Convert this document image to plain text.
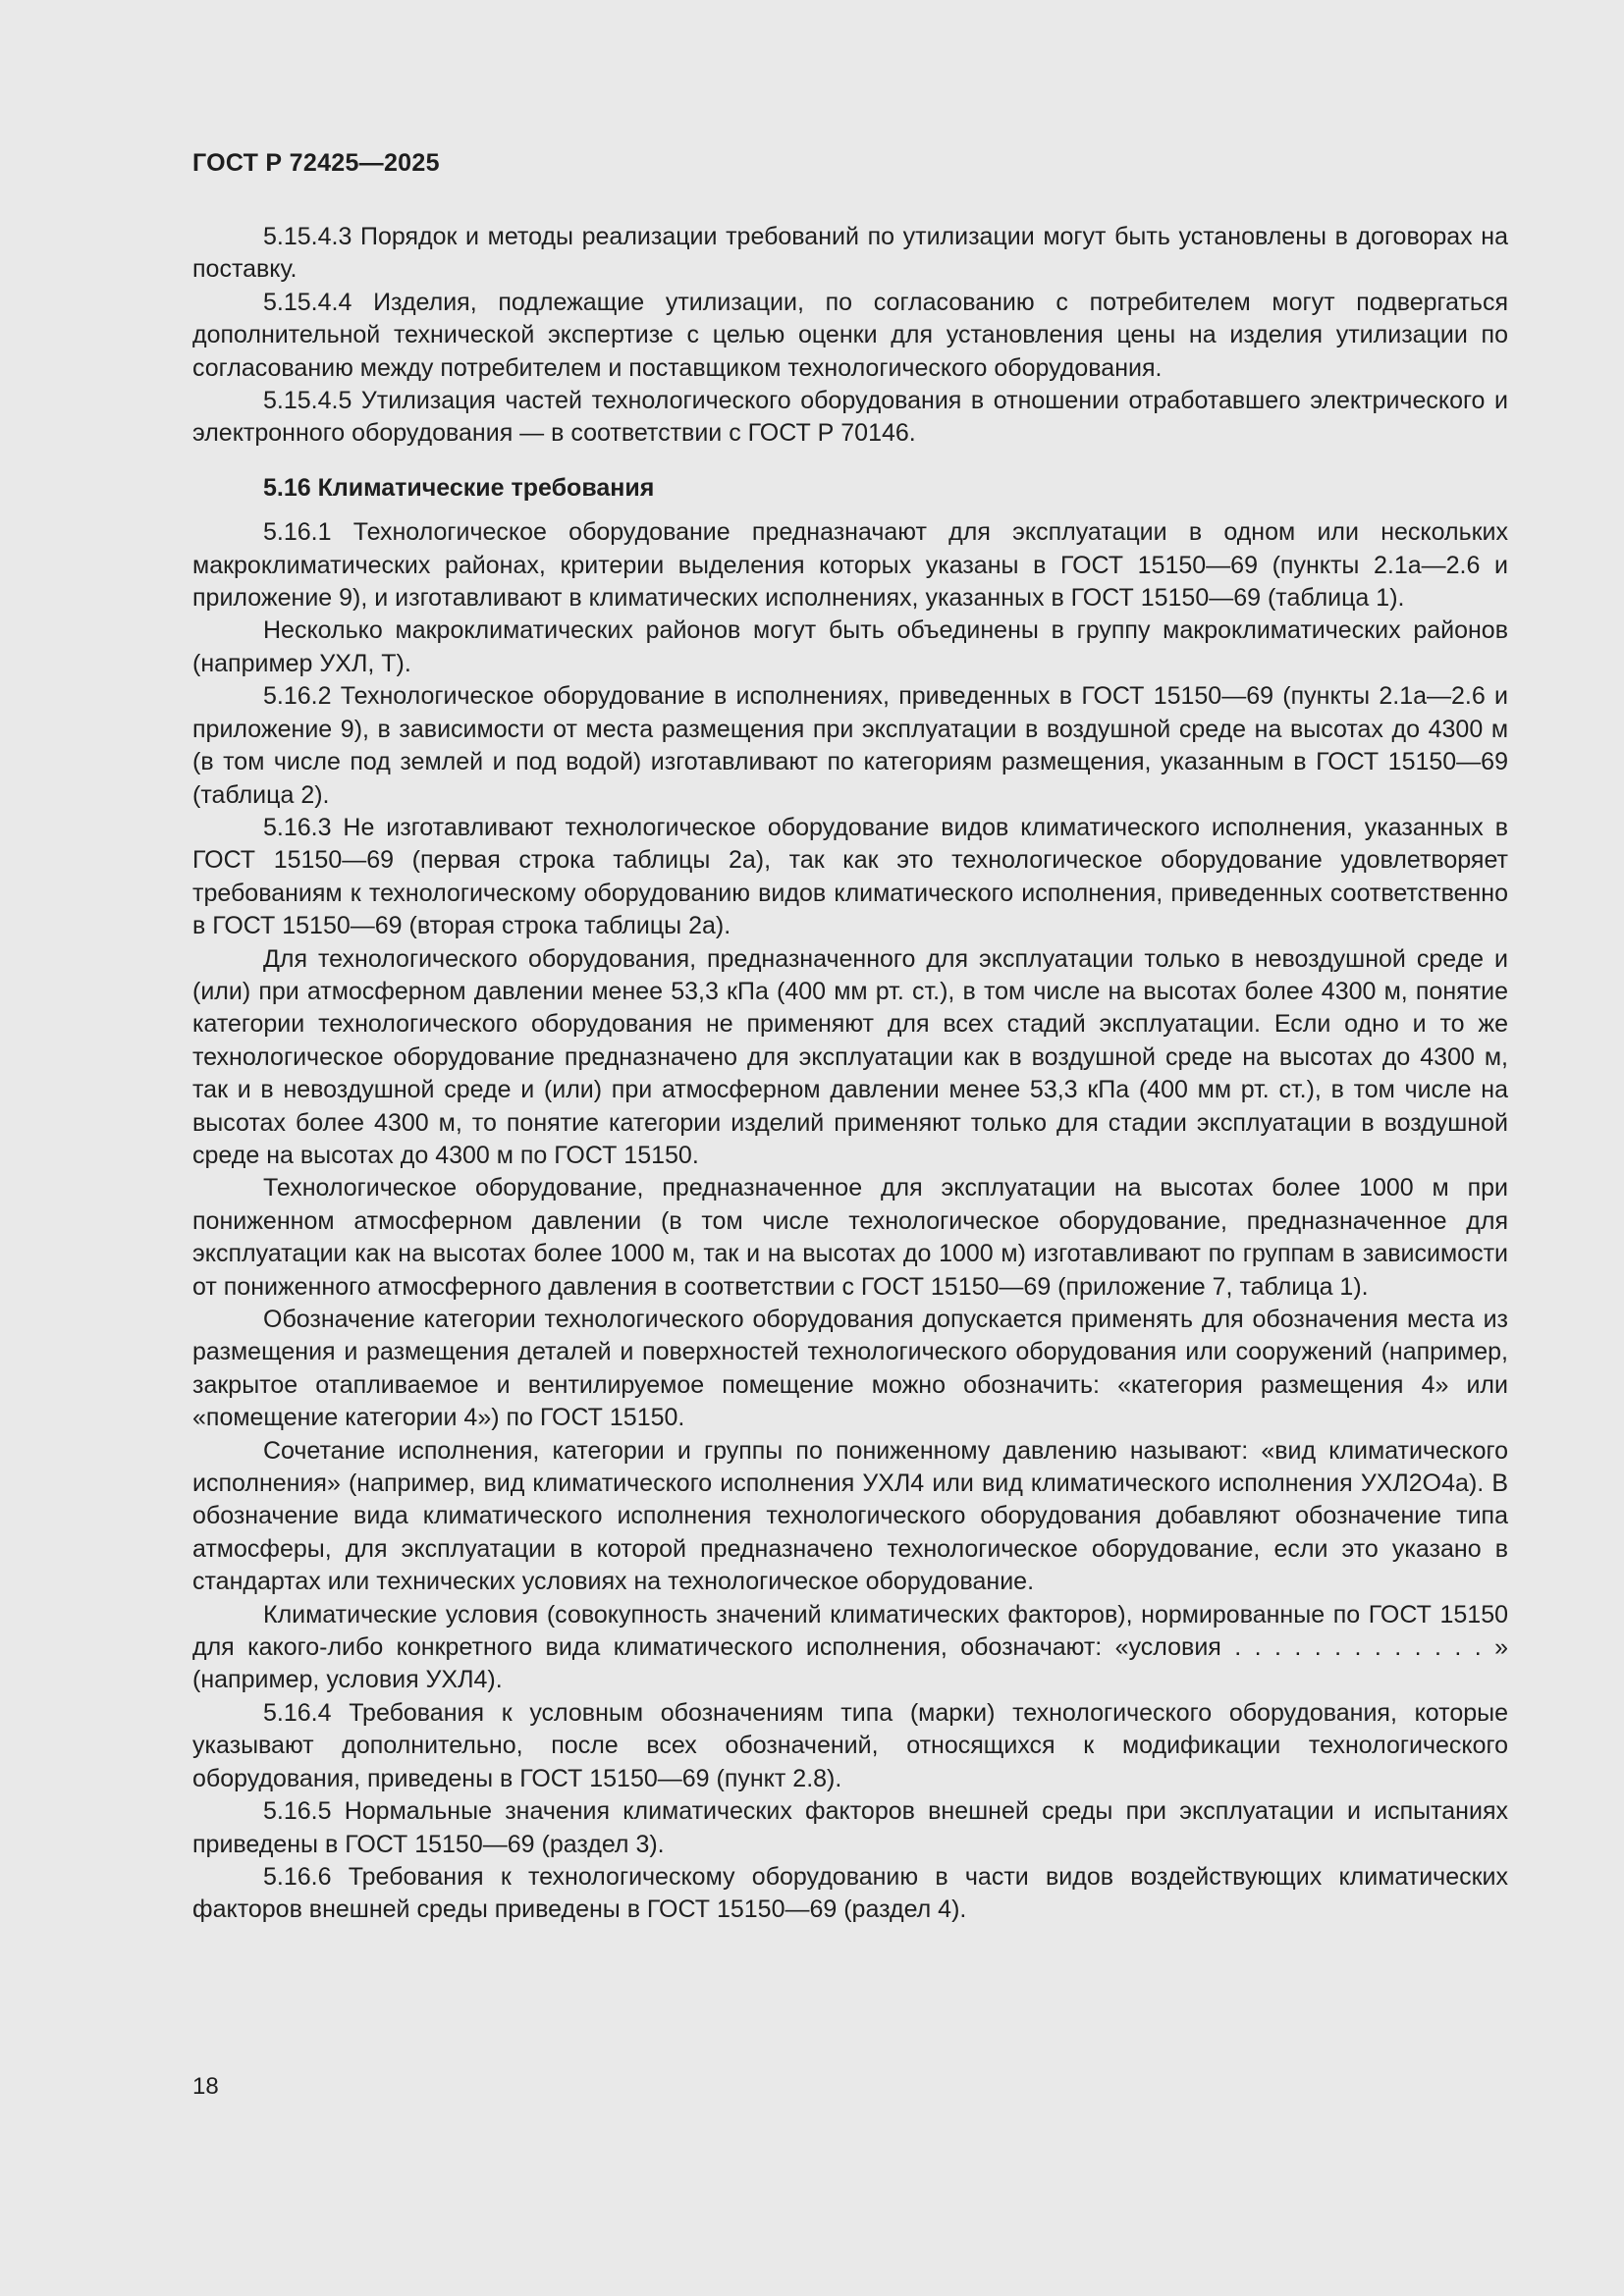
ГОСТ Р 72425—2025

5.15.4.3 Порядок и методы реализации требований по утилизации могут быть установлены в договорах на поставку.

5.15.4.4 Изделия, подлежащие утилизации, по согласованию с потребителем могут подвергаться дополнительной технической экспертизе с целью оценки для установления цены на изделия утилизации по согласованию между потребителем и поставщиком технологического оборудования.

5.15.4.5 Утилизация частей технологического оборудования в отношении отработавшего электрического и электронного оборудования — в соответствии с ГОСТ Р 70146.

5.16 Климатические требования

5.16.1 Технологическое оборудование предназначают для эксплуатации в одном или нескольких макроклиматических районах, критерии выделения которых указаны в ГОСТ 15150—69 (пункты 2.1а—2.6 и приложение 9), и изготавливают в климатических исполнениях, указанных в ГОСТ 15150—69 (таблица 1).

Несколько макроклиматических районов могут быть объединены в группу макроклиматических районов (например УХЛ, Т).

5.16.2 Технологическое оборудование в исполнениях, приведенных в ГОСТ 15150—69 (пункты 2.1а—2.6 и приложение 9), в зависимости от места размещения при эксплуатации в воздушной среде на высотах до 4300 м (в том числе под землей и под водой) изготавливают по категориям размещения, указанным в ГОСТ 15150—69 (таблица 2).

5.16.3 Не изготавливают технологическое оборудование видов климатического исполнения, указанных в ГОСТ 15150—69 (первая строка таблицы 2а), так как это технологическое оборудование удовлетворяет требованиям к технологическому оборудованию видов климатического исполнения, приведенных соответственно в ГОСТ 15150—69 (вторая строка таблицы 2а).

Для технологического оборудования, предназначенного для эксплуатации только в невоздушной среде и (или) при атмосферном давлении менее 53,3 кПа (400 мм рт. ст.), в том числе на высотах более 4300 м, понятие категории технологического оборудования не применяют для всех стадий эксплуатации. Если одно и то же технологическое оборудование предназначено для эксплуатации как в воздушной среде на высотах до 4300 м, так и в невоздушной среде и (или) при атмосферном давлении менее 53,3 кПа (400 мм рт. ст.), в том числе на высотах более 4300 м, то понятие категории изделий применяют только для стадии эксплуатации в воздушной среде на высотах до 4300 м по ГОСТ 15150.

Технологическое оборудование, предназначенное для эксплуатации на высотах более 1000 м при пониженном атмосферном давлении (в том числе технологическое оборудование, предназначенное для эксплуатации как на высотах более 1000 м, так и на высотах до 1000 м) изготавливают по группам в зависимости от пониженного атмосферного давления в соответствии с ГОСТ 15150—69 (приложение 7, таблица 1).

Обозначение категории технологического оборудования допускается применять для обозначения места из размещения и размещения деталей и поверхностей технологического оборудования или сооружений (например, закрытое отапливаемое и вентилируемое помещение можно обозначить: «категория размещения 4» или «помещение категории 4») по ГОСТ 15150.

Сочетание исполнения, категории и группы по пониженному давлению называют: «вид климатического исполнения» (например, вид климатического исполнения УХЛ4 или вид климатического исполнения УХЛ2О4а). В обозначение вида климатического исполнения технологического оборудования добавляют обозначение типа атмосферы, для эксплуатации в которой предназначено технологическое оборудование, если это указано в стандартах или технических условиях на технологическое оборудование.

Климатические условия (совокупность значений климатических факторов), нормированные по ГОСТ 15150 для какого-либо конкретного вида климатического исполнения, обозначают: «условия . . . . . . . . . . . . . » (например, условия УХЛ4).

5.16.4 Требования к условным обозначениям типа (марки) технологического оборудования, которые указывают дополнительно, после всех обозначений, относящихся к модификации технологического оборудования, приведены в ГОСТ 15150—69 (пункт 2.8).

5.16.5 Нормальные значения климатических факторов внешней среды при эксплуатации и испытаниях приведены в ГОСТ 15150—69 (раздел 3).

5.16.6 Требования к технологическому оборудованию в части видов воздействующих климатических факторов внешней среды приведены в ГОСТ 15150—69 (раздел 4).

18
